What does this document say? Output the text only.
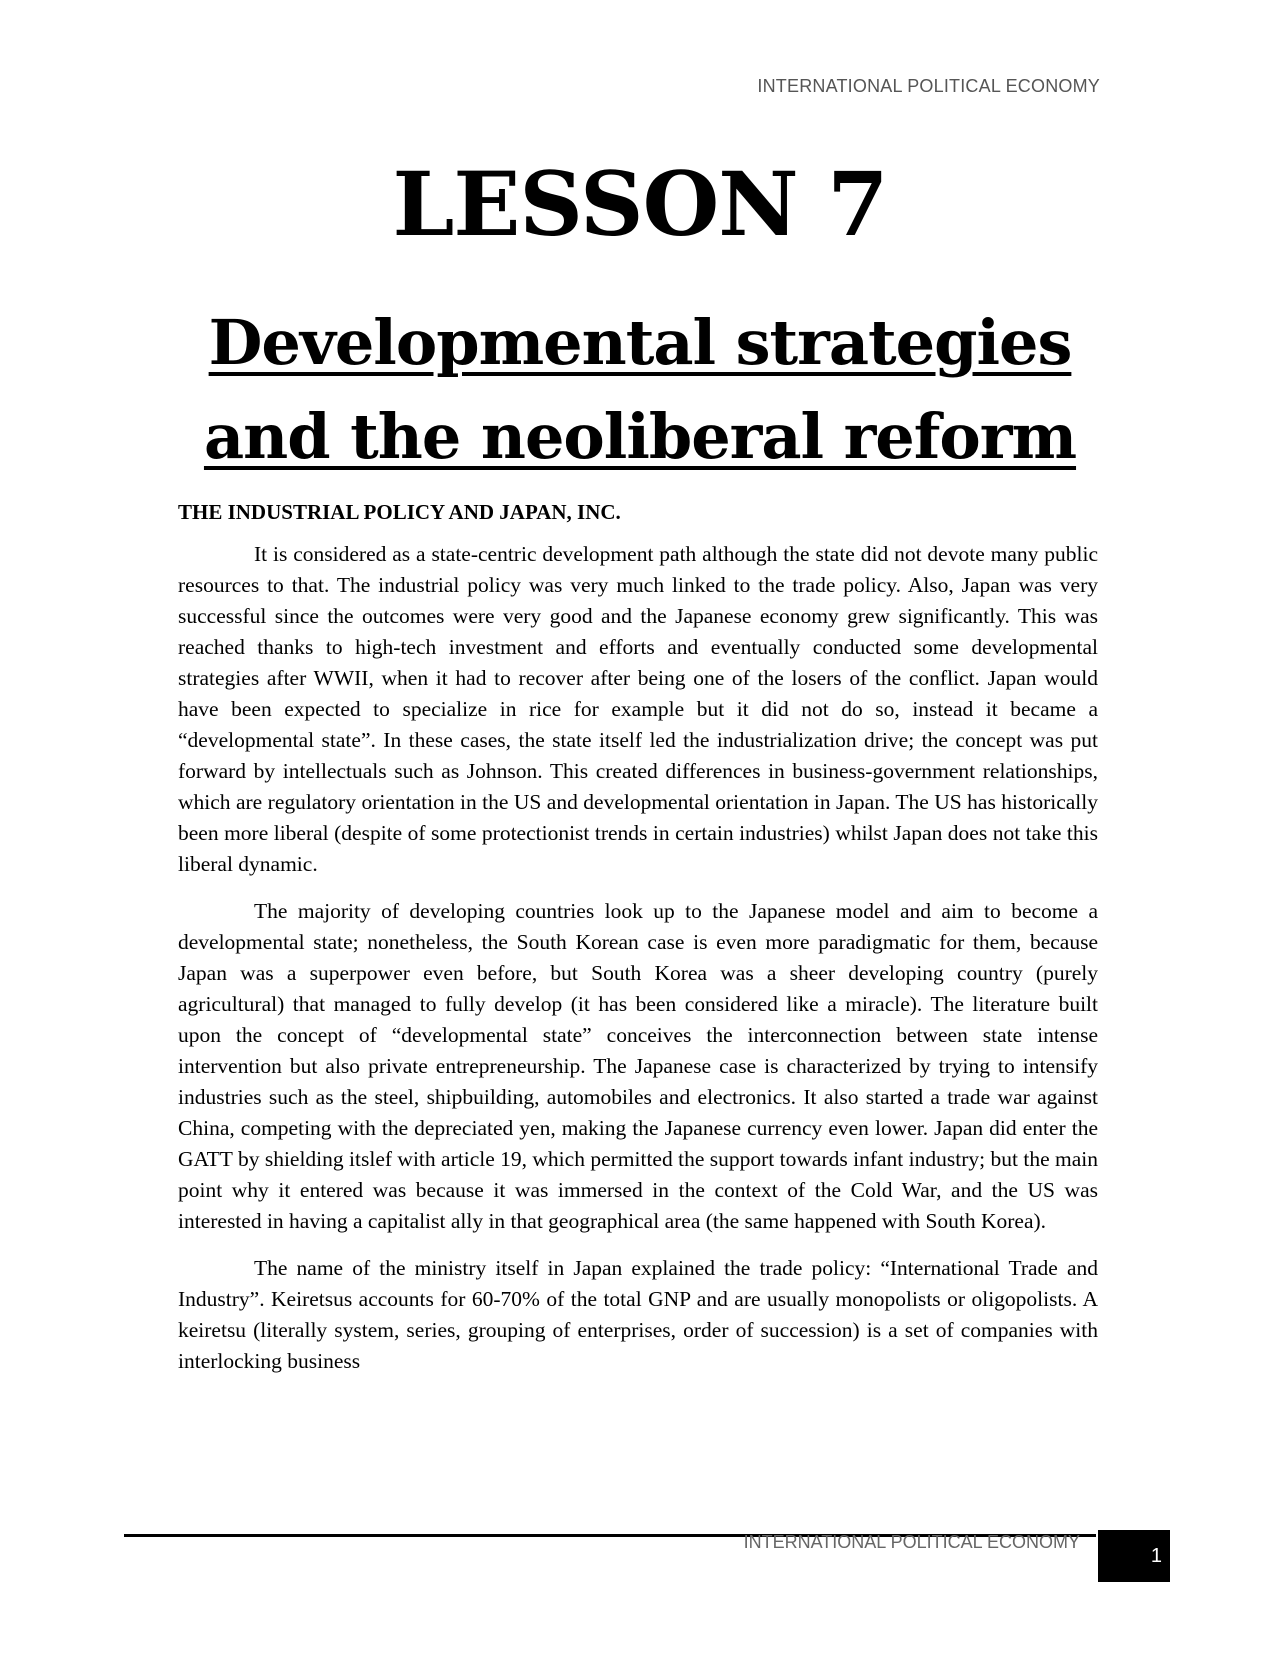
INTERNATIONAL POLITICAL ECONOMY
LESSON 7
Developmental strategies
and the neoliberal reform
THE INDUSTRIAL POLICY AND JAPAN, INC.

It is considered as a state-centric development path although the state did not devote many public resources to that. The industrial policy was very much linked to the trade policy. Also, Japan was very successful since the outcomes were very good and the Japanese economy grew significantly. This was reached thanks to high-tech investment and efforts and eventually conducted some developmental strategies after WWII, when it had to recover after being one of the losers of the conflict. Japan would have been expected to specialize in rice for example but it did not do so, instead it became a “developmental state”. In these cases, the state itself led the industrialization drive; the concept was put forward by intellectuals such as Johnson. This created differences in business-government relationships, which are regulatory orientation in the US and developmental orientation in Japan. The US has historically been more liberal (despite of some protectionist trends in certain industries) whilst Japan does not take this liberal dynamic.

The majority of developing countries look up to the Japanese model and aim to become a developmental state; nonetheless, the South Korean case is even more paradigmatic for them, because Japan was a superpower even before, but South Korea was a sheer developing country (purely agricultural) that managed to fully develop (it has been considered like a miracle). The literature built upon the concept of “developmental state” conceives the interconnection between state intense intervention but also private entrepreneurship. The Japanese case is characterized by trying to intensify industries such as the steel, shipbuilding, automobiles and electronics. It also started a trade war against China, competing with the depreciated yen, making the Japanese currency even lower. Japan did enter the GATT by shielding itslef with article 19, which permitted the support towards infant industry; but the main point why it entered was because it was immersed in the context of the Cold War, and the US was interested in having a capitalist ally in that geographical area (the same happened with South Korea).

The name of the ministry itself in Japan explained the trade policy: “International Trade and Industry”. Keiretsus accounts for 60-70% of the total GNP and are usually monopolists or oligopolists. A keiretsu (literally system, series, grouping of enterprises, order of succession) is a set of companies with interlocking business

INTERNATIONAL POLITICAL ECONOMY
1
